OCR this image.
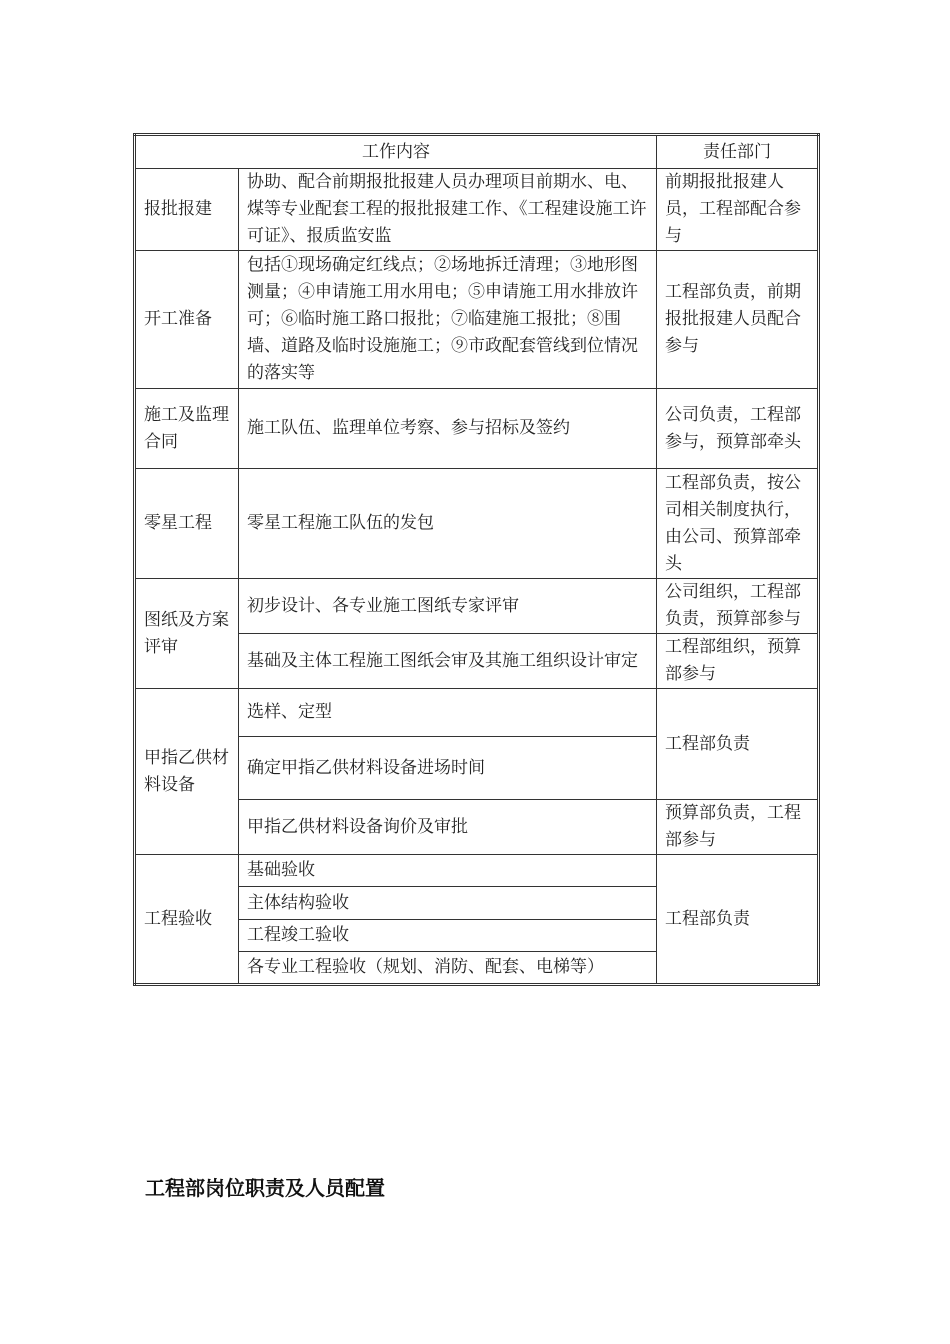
工作内容		责任部门
报批报建	协助、配合前期报批报建人员办理项目前期水、电、煤等专业配套工程的报批报建工作、《工程建设施工许可证》、报质监安监	前期报批报建人员，工程部配合参与
开工准备	包括①现场确定红线点；②场地拆迁清理；③地形图测量；④申请施工用水用电；⑤申请施工用水排放许可；⑥临时施工路口报批；⑦临建施工报批；⑧围墙、道路及临时设施施工；⑨市政配套管线到位情况的落实等	工程部负责，前期报批报建人员配合参与
施工及监理合同	施工队伍、监理单位考察、参与招标及签约	公司负责，工程部参与，预算部牵头
零星工程	零星工程施工队伍的发包	工程部负责，按公司相关制度执行，由公司、预算部牵头
图纸及方案评审	初步设计、各专业施工图纸专家评审	公司组织，工程部负责，预算部参与
	基础及主体工程施工图纸会审及其施工组织设计审定	工程部组织，预算部参与
甲指乙供材料设备	选样、定型	工程部负责
	确定甲指乙供材料设备进场时间	
	甲指乙供材料设备询价及审批	预算部负责，工程部参与
工程验收	基础验收	工程部负责
	主体结构验收	
	工程竣工验收	
	各专业工程验收（规划、消防、配套、电梯等）	
工程部岗位职责及人员配置
